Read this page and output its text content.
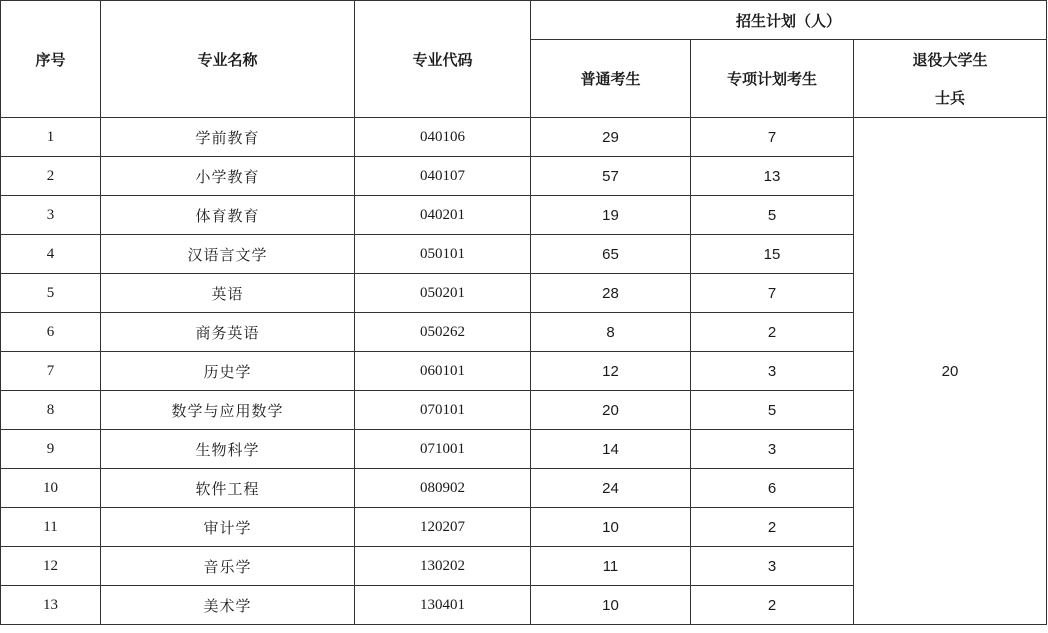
序号	专业名称	专业代码	招生计划（人）		
			普通考生	专项计划考生	退役大学生
士兵

1	学前教育	040106	29	7	20
2	小学教育	040107	57	13	
3	体育教育	040201	19	5	
4	汉语言文学	050101	65	15	
5	英语	050201	28	7	
6	商务英语	050262	8	2	
7	历史学	060101	12	3	
8	数学与应用数学	070101	20	5	
9	生物科学	071001	14	3	
10	软件工程	080902	24	6	
11	审计学	120207	10	2	
12	音乐学	130202	11	3	
13	美术学	130401	10	2	
